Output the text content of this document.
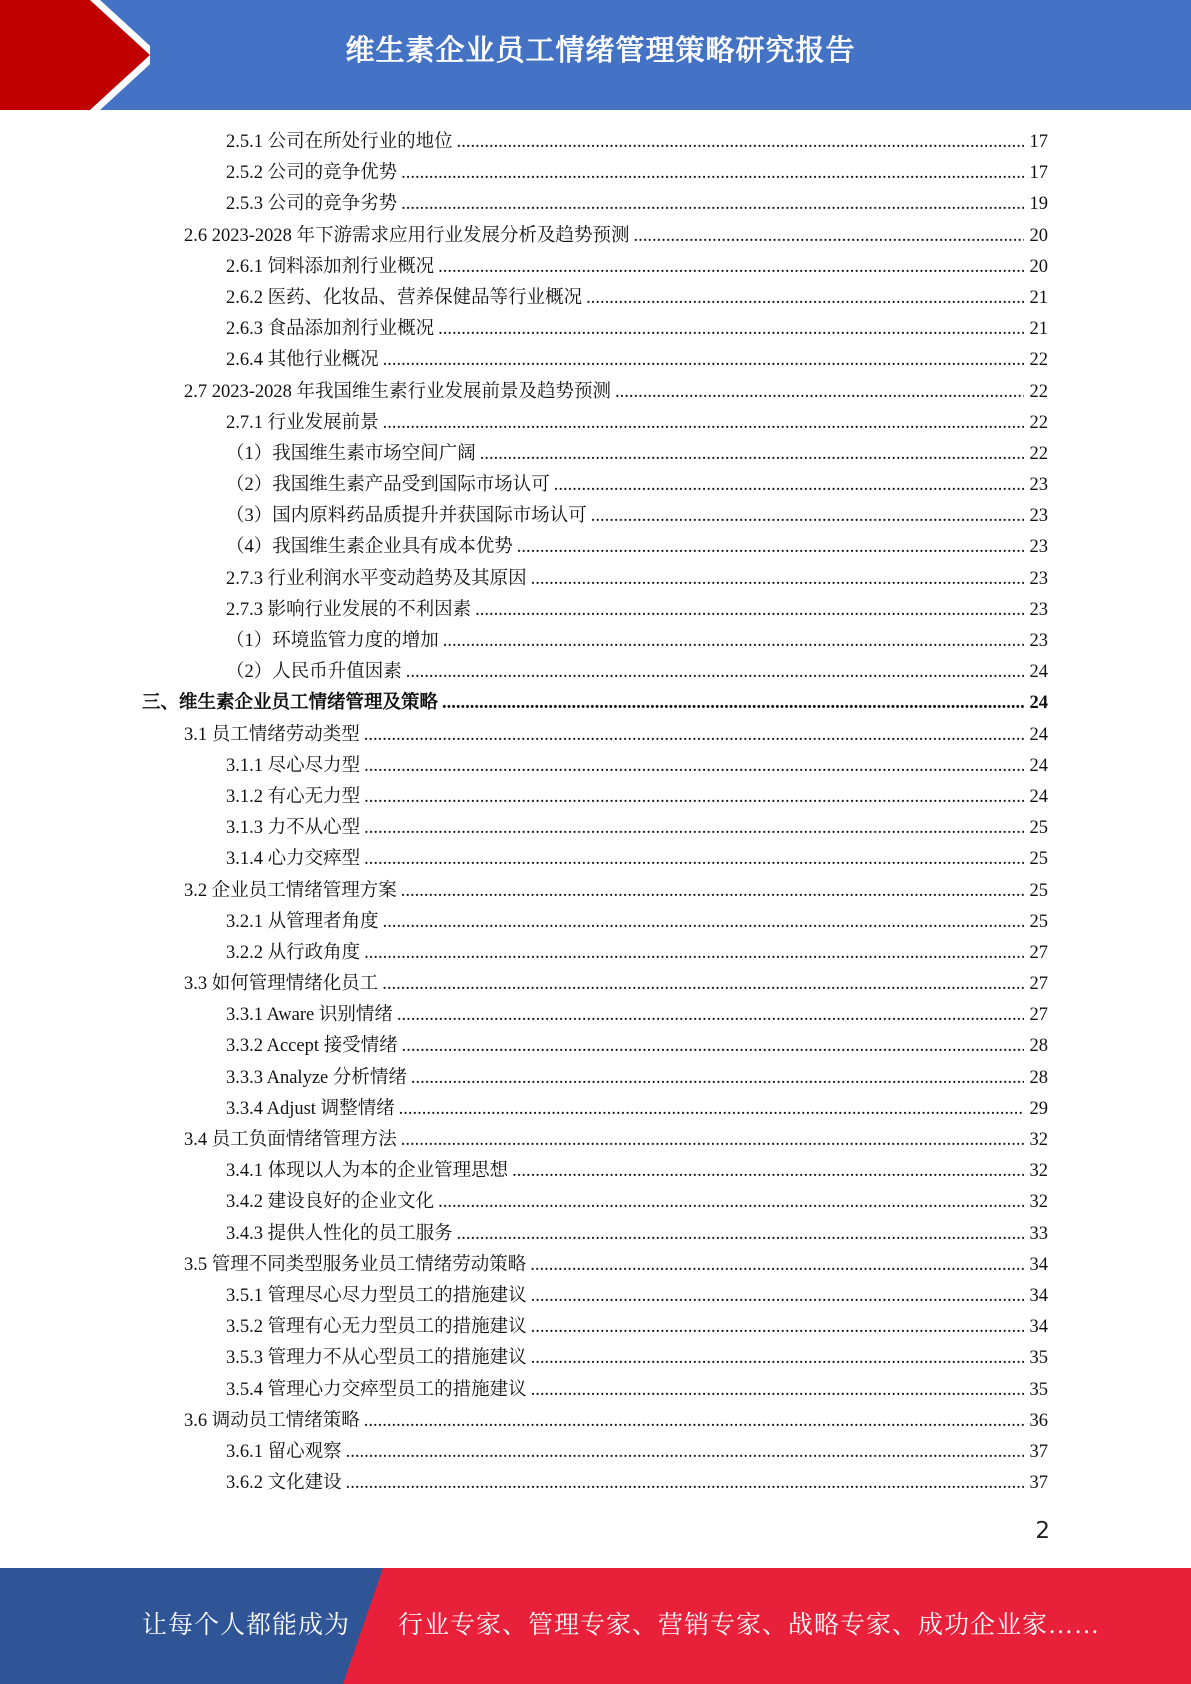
维生素企业员工情绪管理策略研究报告
2.5.1 公司在所处行业的地位 .....	17
2.5.2 公司的竞争优势 .....	17
2.5.3 公司的竞争劣势 .....	19
2.6 2023-2028 年下游需求应用行业发展分析及趋势预测 .....	20
2.6.1 饲料添加剂行业概况 .....	20
2.6.2 医药、化妆品、营养保健品等行业概况 .....	21
2.6.3 食品添加剂行业概况 .....	21
2.6.4 其他行业概况 .....	22
2.7 2023-2028 年我国维生素行业发展前景及趋势预测 .....	22
2.7.1 行业发展前景 .....	22
（1）我国维生素市场空间广阔 .....	22
（2）我国维生素产品受到国际市场认可 .....	23
（3）国内原料药品质提升并获国际市场认可 .....	23
（4）我国维生素企业具有成本优势 .....	23
2.7.3 行业利润水平变动趋势及其原因 .....	23
2.7.3 影响行业发展的不利因素 .....	23
（1）环境监管力度的增加 .....	23
（2）人民币升值因素 .....	24
三、维生素企业员工情绪管理及策略 .....	24
3.1 员工情绪劳动类型 .....	24
3.1.1 尽心尽力型 .....	24
3.1.2 有心无力型 .....	24
3.1.3 力不从心型 .....	25
3.1.4 心力交瘁型 .....	25
3.2 企业员工情绪管理方案 .....	25
3.2.1 从管理者角度 .....	25
3.2.2 从行政角度 .....	27
3.3 如何管理情绪化员工 .....	27
3.3.1 Aware 识别情绪 .....	27
3.3.2 Accept 接受情绪 .....	28
3.3.3 Analyze 分析情绪 .....	28
3.3.4 Adjust 调整情绪 .....	29
3.4 员工负面情绪管理方法 .....	32
3.4.1 体现以人为本的企业管理思想 .....	32
3.4.2 建设良好的企业文化 .....	32
3.4.3 提供人性化的员工服务 .....	33
3.5 管理不同类型服务业员工情绪劳动策略 .....	34
3.5.1 管理尽心尽力型员工的措施建议 .....	34
3.5.2 管理有心无力型员工的措施建议 .....	34
3.5.3 管理力不从心型员工的措施建议 .....	35
3.5.4 管理心力交瘁型员工的措施建议 .....	35
3.6 调动员工情绪策略 .....	36
3.6.1 留心观察 .....	37
3.6.2 文化建设 .....	37
2
让每个人都能成为 行业专家、管理专家、营销专家、战略专家、成功企业家……
